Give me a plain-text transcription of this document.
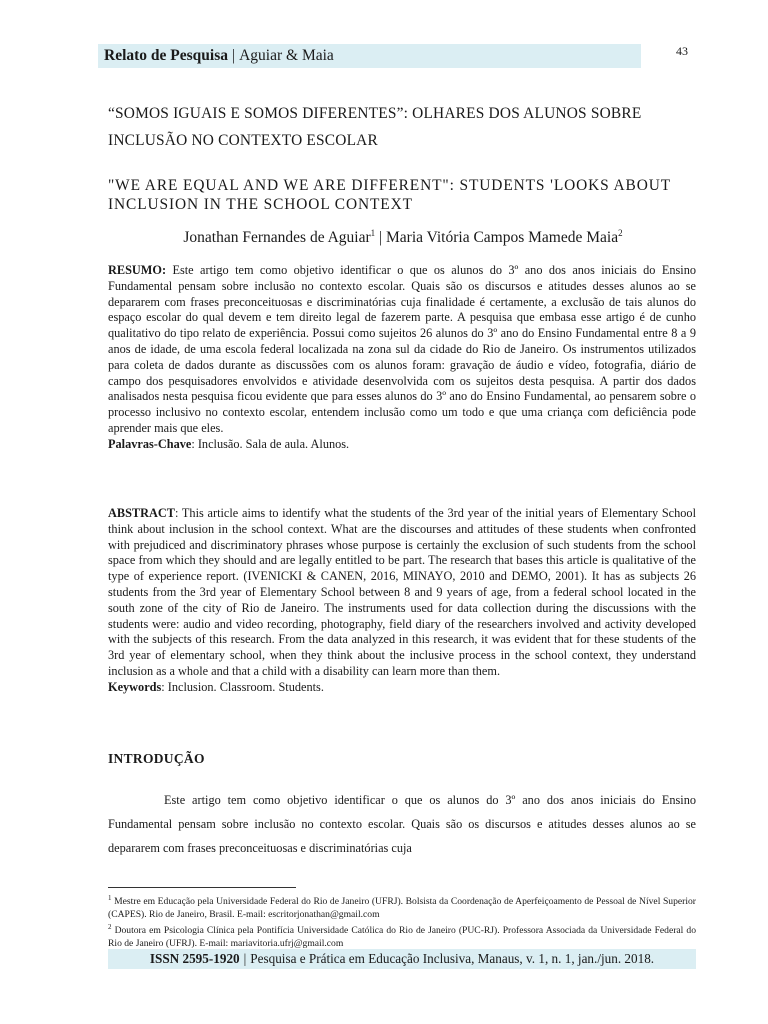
Relato de Pesquisa | Aguiar & Maia	43
“SOMOS IGUAIS E SOMOS DIFERENTES”: OLHARES DOS ALUNOS SOBRE INCLUSÃO NO CONTEXTO ESCOLAR
"WE ARE EQUAL AND WE ARE DIFFERENT": STUDENTS 'LOOKS ABOUT INCLUSION IN THE SCHOOL CONTEXT
Jonathan Fernandes de Aguiar$^1$ | Maria Vitória Campos Mamede Maia$^2$
RESUMO: Este artigo tem como objetivo identificar o que os alunos do 3º ano dos anos iniciais do Ensino Fundamental pensam sobre inclusão no contexto escolar. Quais são os discursos e atitudes desses alunos ao se depararem com frases preconceituosas e discriminatórias cuja finalidade é certamente, a exclusão de tais alunos do espaço escolar do qual devem e tem direito legal de fazerem parte. A pesquisa que embasa esse artigo é de cunho qualitativo do tipo relato de experiência. Possui como sujeitos 26 alunos do 3º ano do Ensino Fundamental entre 8 a 9 anos de idade, de uma escola federal localizada na zona sul da cidade do Rio de Janeiro. Os instrumentos utilizados para coleta de dados durante as discussões com os alunos foram: gravação de áudio e vídeo, fotografia, diário de campo dos pesquisadores envolvidos e atividade desenvolvida com os sujeitos desta pesquisa. A partir dos dados analisados nesta pesquisa ficou evidente que para esses alunos do 3º ano do Ensino Fundamental, ao pensarem sobre o processo inclusivo no contexto escolar, entendem inclusão como um todo e que uma criança com deficiência pode aprender mais que eles.
Palavras-Chave: Inclusão. Sala de aula. Alunos.
ABSTRACT: This article aims to identify what the students of the 3rd year of the initial years of Elementary School think about inclusion in the school context. What are the discourses and attitudes of these students when confronted with prejudiced and discriminatory phrases whose purpose is certainly the exclusion of such students from the school space from which they should and are legally entitled to be part. The research that bases this article is qualitative of the type of experience report. (IVENICKI & CANEN, 2016, MINAYO, 2010 and DEMO, 2001). It has as subjects 26 students from the 3rd year of Elementary School between 8 and 9 years of age, from a federal school located in the south zone of the city of Rio de Janeiro. The instruments used for data collection during the discussions with the students were: audio and video recording, photography, field diary of the researchers involved and activity developed with the subjects of this research. From the data analyzed in this research, it was evident that for these students of the 3rd year of elementary school, when they think about the inclusive process in the school context, they understand inclusion as a whole and that a child with a disability can learn more than them.
Keywords: Inclusion. Classroom. Students.
INTRODUÇÃO
Este artigo tem como objetivo identificar o que os alunos do 3º ano dos anos iniciais do Ensino Fundamental pensam sobre inclusão no contexto escolar. Quais são os discursos e atitudes desses alunos ao se depararem com frases preconceituosas e discriminatórias cuja

$^1$ Mestre em Educação pela Universidade Federal do Rio de Janeiro (UFRJ). Bolsista da Coordenação de Aperfeiçoamento de Pessoal de Nível Superior (CAPES). Rio de Janeiro, Brasil. E-mail: escritorjonathan@gmail.com

$^2$ Doutora em Psicologia Clínica pela Pontifícia Universidade Católica do Rio de Janeiro (PUC-RJ). Professora Associada da Universidade Federal do Rio de Janeiro (UFRJ). E-mail: mariavitoria.ufrj@gmail.com

ISSN 2595-1920 | Pesquisa e Prática em Educação Inclusiva, Manaus, v. 1, n. 1, jan./jun. 2018.
